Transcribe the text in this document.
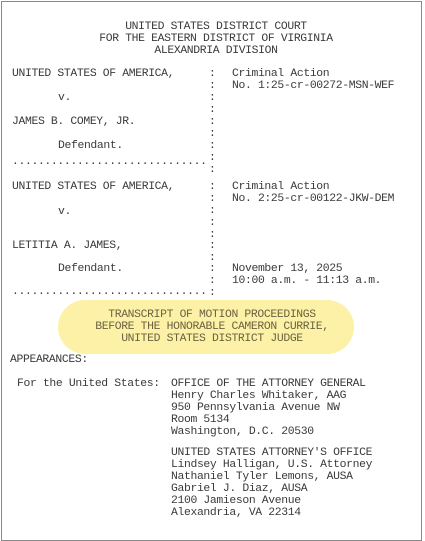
UNITED STATES DISTRICT COURT
FOR THE EASTERN DISTRICT OF VIRGINIA
ALEXANDRIA DIVISION
UNITED STATES OF AMERICA,
v.
JAMES B. COMEY, JR.
Defendant.
..............................
Criminal Action
No. 1:25-cr-00272-MSN-WEF
UNITED STATES OF AMERICA,
v.
LETITIA A. JAMES,
Defendant.
..............................
Criminal Action
No. 2:25-cr-00122-JKW-DEM
November 13, 2025
10:00 a.m. - 11:13 a.m.
:
:
:
:
:
:
:
:
:
:
:
:
:
:
:
:
:
:
:
TRANSCRIPT OF MOTION PROCEEDINGS
BEFORE THE HONORABLE CAMERON CURRIE,
UNITED STATES DISTRICT JUDGE
APPEARANCES:
For the United States: OFFICE OF THE ATTORNEY GENERAL
Henry Charles Whitaker, AAG
950 Pennsylvania Avenue NW
Room 5134
Washington, D.C. 20530
UNITED STATES ATTORNEY'S OFFICE
Lindsey Halligan, U.S. Attorney
Nathaniel Tyler Lemons, AUSA
Gabriel J. Diaz, AUSA
2100 Jamieson Avenue
Alexandria, VA 22314
